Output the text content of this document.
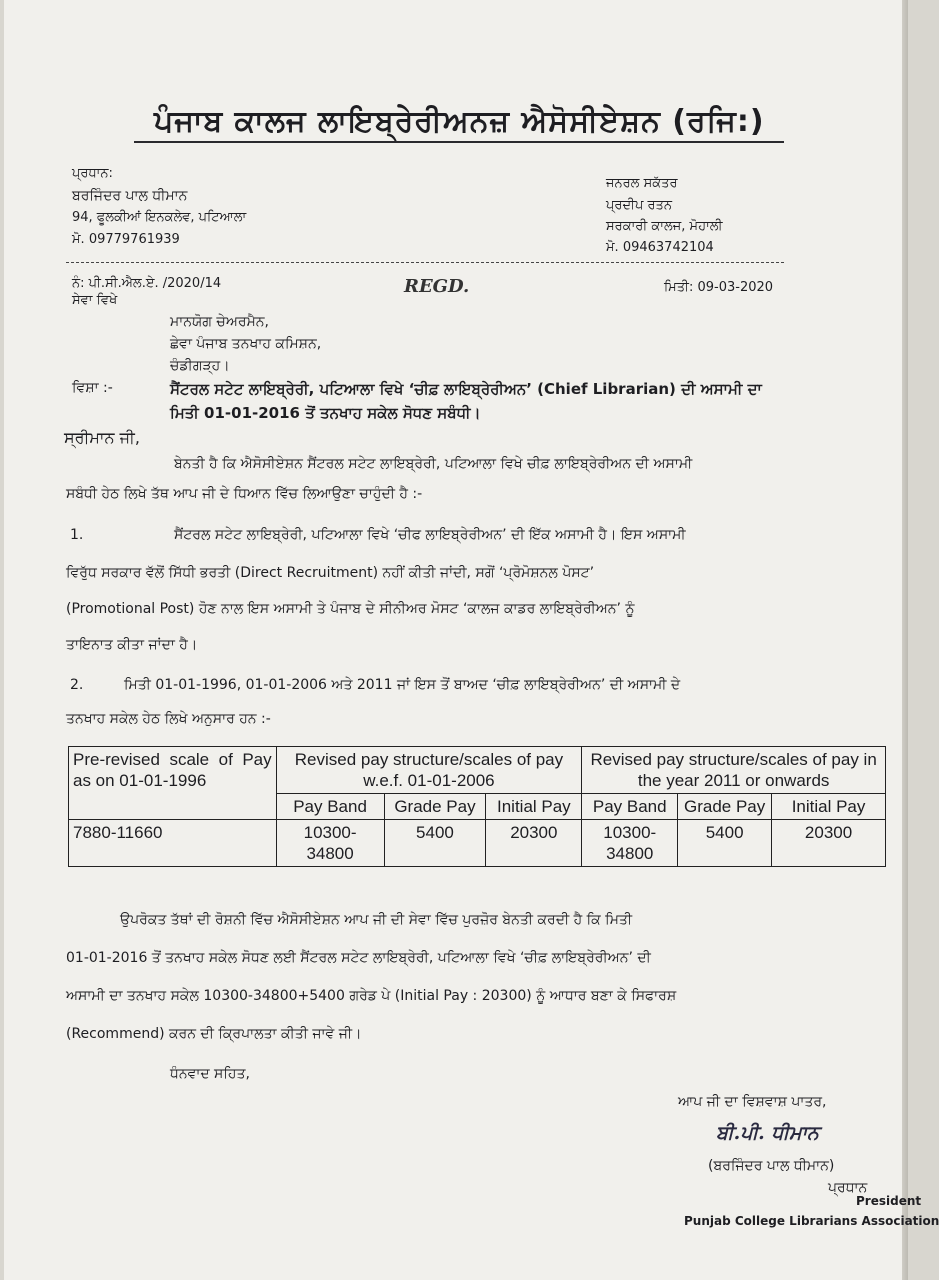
ਪੰਜਾਬ ਕਾਲਜ ਲਾਇਬ੍ਰੇਰੀਅਨਜ਼ ਐਸੋਸੀਏਸ਼ਨ (ਰਜਿ:)
ਪ੍ਰਧਾਨ:
ਬਰਜਿੰਦਰ ਪਾਲ ਧੀਮਾਨ
94, ਫੂਲਕੀਆਂ ਇਨਕਲੇਵ, ਪਟਿਆਲਾ
ਮੋ. 09779761939
ਜਨਰਲ ਸਕੱਤਰ
ਪ੍ਰਦੀਪ ਰਤਨ
ਸਰਕਾਰੀ ਕਾਲਜ, ਮੋਹਾਲੀ
ਮੋ. 09463742104
ਨੰ: ਪੀ.ਸੀ.ਐਲ.ਏ. /2020/14
ਸੇਵਾ ਵਿਖੇ
REGD.	ਮਿਤੀ: 09-03-2020
ਮਾਨਯੋਗ ਚੇਅਰਮੈਨ,
ਛੇਵਾ ਪੰਜਾਬ ਤਨਖਾਹ ਕਮਿਸ਼ਨ,
ਚੰਡੀਗੜ੍ਹ।
ਵਿਸ਼ਾ :-	ਸੈਂਟਰਲ ਸਟੇਟ ਲਾਇਬ੍ਰੇਰੀ, ਪਟਿਆਲਾ ਵਿਖੇ ‘ਚੀਫ਼ ਲਾਇਬ੍ਰੇਰੀਅਨ’ (Chief Librarian) ਦੀ ਅਸਾਮੀ ਦਾ
ਮਿਤੀ 01-01-2016 ਤੋਂ ਤਨਖਾਹ ਸਕੇਲ ਸੋਧਣ ਸਬੰਧੀ।
ਸ੍ਰੀਮਾਨ ਜੀ,
ਬੇਨਤੀ ਹੈ ਕਿ ਐਸੋਸੀਏਸ਼ਨ ਸੈਂਟਰਲ ਸਟੇਟ ਲਾਇਬ੍ਰੇਰੀ, ਪਟਿਆਲਾ ਵਿਖੇ ਚੀਫ਼ ਲਾਇਬ੍ਰੇਰੀਅਨ ਦੀ ਅਸਾਮੀ
ਸਬੰਧੀ ਹੇਠ ਲਿਖੇ ਤੱਥ ਆਪ ਜੀ ਦੇ ਧਿਆਨ ਵਿੱਚ ਲਿਆਉਣਾ ਚਾਹੁੰਦੀ ਹੈ :-
1.	ਸੈਂਟਰਲ ਸਟੇਟ ਲਾਇਬ੍ਰੇਰੀ, ਪਟਿਆਲਾ ਵਿਖੇ ‘ਚੀਫ ਲਾਇਬ੍ਰੇਰੀਅਨ’ ਦੀ ਇੱਕ ਅਸਾਮੀ ਹੈ। ਇਸ ਅਸਾਮੀ
ਵਿਰੁੱਧ ਸਰਕਾਰ ਵੱਲੋਂ ਸਿੱਧੀ ਭਰਤੀ (Direct Recruitment) ਨਹੀਂ ਕੀਤੀ ਜਾਂਦੀ, ਸਗੋਂ ‘ਪ੍ਰੋਮੋਸ਼ਨਲ ਪੋਸਟ’
(Promotional Post) ਹੋਣ ਨਾਲ ਇਸ ਅਸਾਮੀ ਤੇ ਪੰਜਾਬ ਦੇ ਸੀਨੀਅਰ ਮੋਸਟ ‘ਕਾਲਜ ਕਾਡਰ ਲਾਇਬ੍ਰੇਰੀਅਨ’ ਨੂੰ
ਤਾਇਨਾਤ ਕੀਤਾ ਜਾਂਦਾ ਹੈ।
2.	ਮਿਤੀ 01-01-1996, 01-01-2006 ਅਤੇ 2011 ਜਾਂ ਇਸ ਤੋਂ ਬਾਅਦ ‘ਚੀਫ਼ ਲਾਇਬ੍ਰੇਰੀਅਨ’ ਦੀ ਅਸਾਮੀ ਦੇ
ਤਨਖਾਹ ਸਕੇਲ ਹੇਠ ਲਿਖੇ ਅਨੁਸਾਰ ਹਨ :-
Pre-revised scale of Pay as on 01-01-1996	Revised pay structure/scales of pay w.e.f. 01-01-2006			Revised pay structure/scales of pay in the year 2011 or onwards		
	Pay Band	Grade Pay	Initial Pay	Pay Band	Grade Pay	Initial Pay
7880-11660	10300-34800	5400	20300	10300-34800	5400	20300
ਉਪਰੋਕਤ ਤੱਥਾਂ ਦੀ ਰੋਸ਼ਨੀ ਵਿੱਚ ਐਸੋਸੀਏਸ਼ਨ ਆਪ ਜੀ ਦੀ ਸੇਵਾ ਵਿੱਚ ਪੁਰਜ਼ੋਰ ਬੇਨਤੀ ਕਰਦੀ ਹੈ ਕਿ ਮਿਤੀ
01-01-2016 ਤੋਂ ਤਨਖਾਹ ਸਕੇਲ ਸੋਧਣ ਲਈ ਸੈਂਟਰਲ ਸਟੇਟ ਲਾਇਬ੍ਰੇਰੀ, ਪਟਿਆਲਾ ਵਿਖੇ ‘ਚੀਫ਼ ਲਾਇਬ੍ਰੇਰੀਅਨ’ ਦੀ
ਅਸਾਮੀ ਦਾ ਤਨਖਾਹ ਸਕੇਲ 10300-34800+5400 ਗਰੇਡ ਪੇ (Initial Pay : 20300) ਨੂੰ ਆਧਾਰ ਬਣਾ ਕੇ ਸਿਫਾਰਸ਼
(Recommend) ਕਰਨ ਦੀ ਕ੍ਰਿਪਾਲਤਾ ਕੀਤੀ ਜਾਵੇ ਜੀ।
ਧੰਨਵਾਦ ਸਹਿਤ,
ਆਪ ਜੀ ਦਾ ਵਿਸ਼ਵਾਸ਼ ਪਾਤਰ,
ਬੀ.ਪੀ. ਧੀਮਾਨ
(ਬਰਜਿੰਦਰ ਪਾਲ ਧੀਮਾਨ)
ਪ੍ਰਧਾਨ
President
Punjab College Librarians Association
